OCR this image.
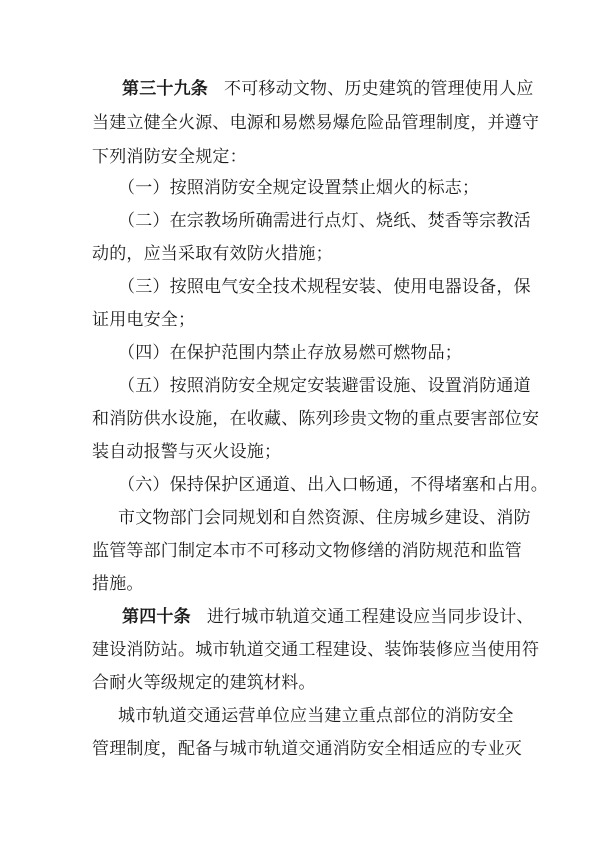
第三十九条 不可移动文物、历史建筑的管理使用人应
当建立健全火源、电源和易燃易爆危险品管理制度，并遵守
下列消防安全规定：
（一）按照消防安全规定设置禁止烟火的标志；
（二）在宗教场所确需进行点灯、烧纸、焚香等宗教活
动的，应当采取有效防火措施；
（三）按照电气安全技术规程安装、使用电器设备，保
证用电安全；
（四）在保护范围内禁止存放易燃可燃物品；
（五）按照消防安全规定安装避雷设施、设置消防通道
和消防供水设施，在收藏、陈列珍贵文物的重点要害部位安
装自动报警与灭火设施；
（六）保持保护区通道、出入口畅通，不得堵塞和占用。
市文物部门会同规划和自然资源、住房城乡建设、消防
监管等部门制定本市不可移动文物修缮的消防规范和监管
措施。
第四十条 进行城市轨道交通工程建设应当同步设计、
建设消防站。城市轨道交通工程建设、装饰装修应当使用符
合耐火等级规定的建筑材料。
城市轨道交通运营单位应当建立重点部位的消防安全
管理制度，配备与城市轨道交通消防安全相适应的专业灭
